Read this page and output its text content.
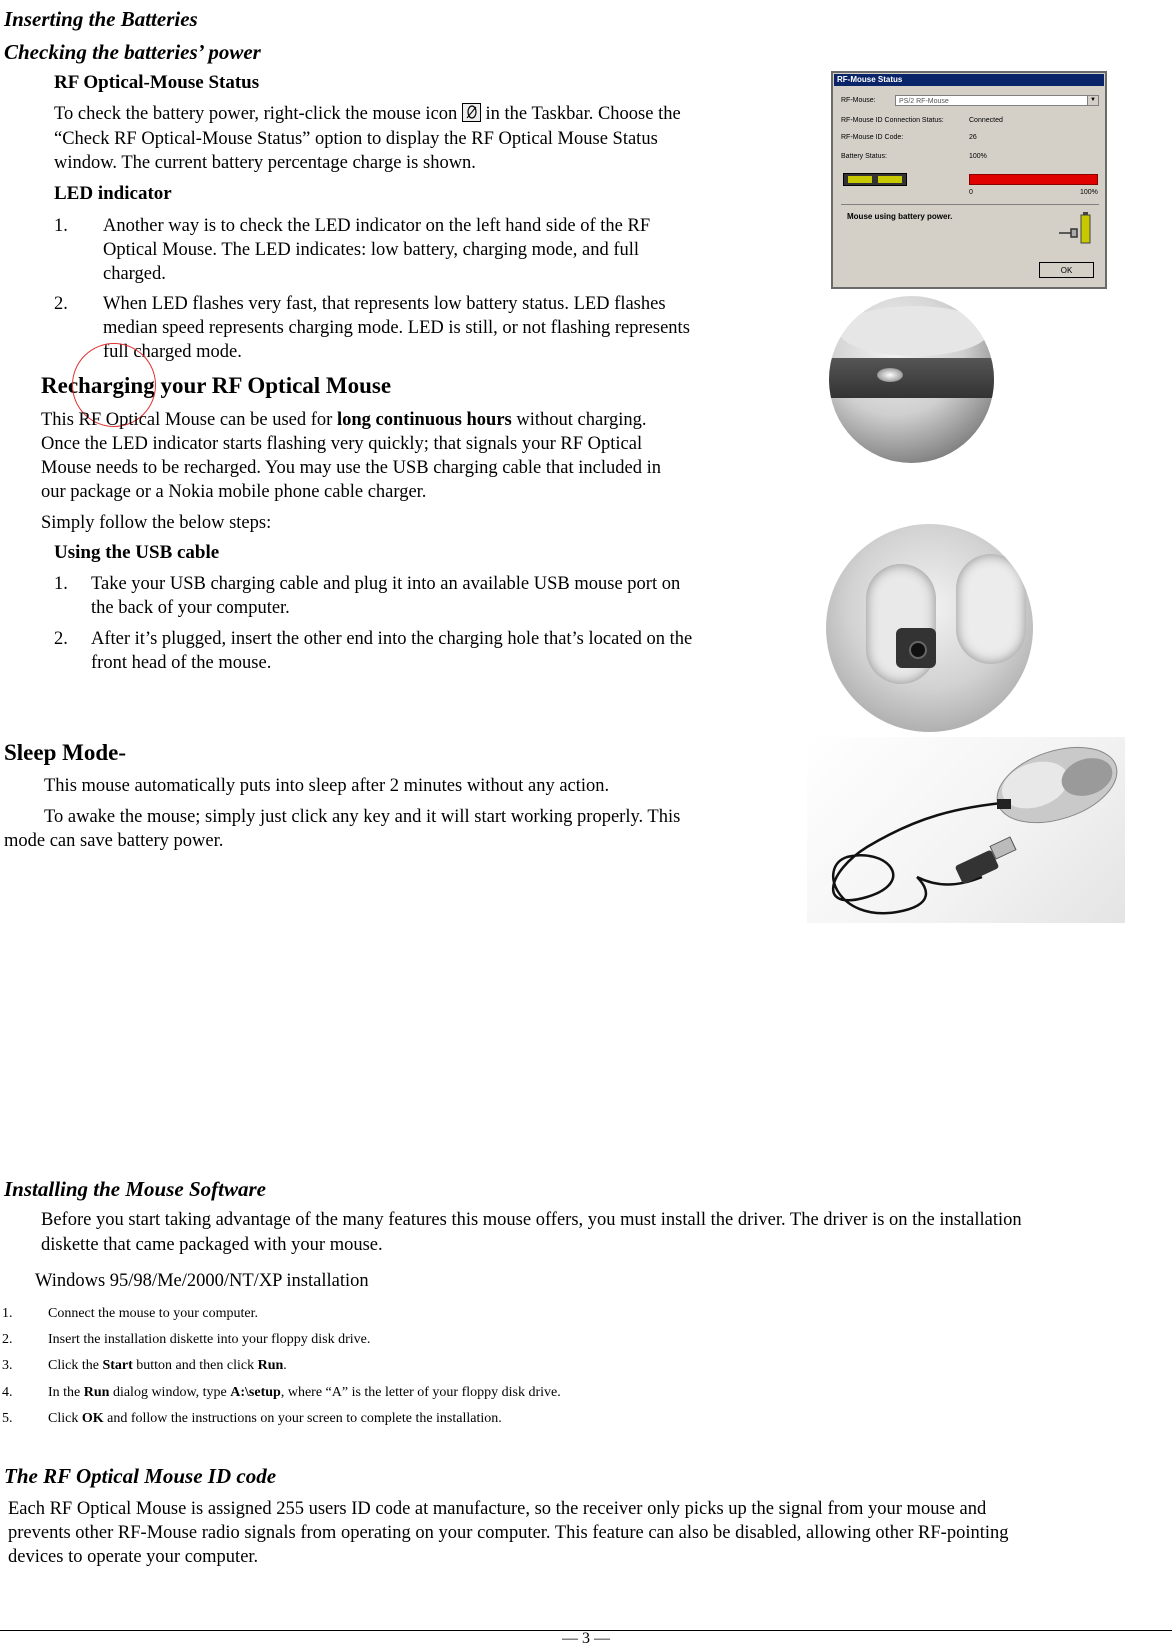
Inserting the Batteries
Checking the batteries’ power
RF Optical-Mouse Status
To check the battery power, right-click the mouse icon in the Taskbar. Choose the
“Check RF Optical-Mouse Status” option to display the RF Optical Mouse Status
window. The current battery percentage charge is shown.
LED indicator
1. Another way is to check the LED indicator on the left hand side of the RF
Optical Mouse. The LED indicates: low battery, charging mode, and full
charged.
2. When LED flashes very fast, that represents low battery status. LED flashes
median speed represents charging mode. LED is still, or not flashing represents
full charged mode.
RF-Mouse Status
RF-Mouse:	PS/2 RF-Mouse	▼
RF-Mouse ID Connection Status:	Connected
RF-Mouse ID Code:	26
Battery Status:	100%
0	100%
Mouse using battery power.
OK
Recharging your RF Optical Mouse
This RF Optical Mouse can be used for long continuous hours without charging.
Once the LED indicator starts flashing very quickly; that signals your RF Optical
Mouse needs to be recharged. You may use the USB charging cable that included in
our package or a Nokia mobile phone cable charger.
Simply follow the below steps:
Using the USB cable
1. Take your USB charging cable and plug it into an available USB mouse port on
the back of your computer.
2. After it’s plugged, insert the other end into the charging hole that’s located on the
front head of the mouse.
Sleep Mode-
This mouse automatically puts into sleep after 2 minutes without any action.
To awake the mouse; simply just click any key and it will start working properly. This
mode can save battery power.
Installing the Mouse Software
Before you start taking advantage of the many features this mouse offers, you must install the driver. The driver is on the installation
diskette that came packaged with your mouse.
Windows 95/98/Me/2000/NT/XP installation
1.	Connect the mouse to your computer.
2.	Insert the installation diskette into your floppy disk drive.
3.	Click the Start button and then click Run.
4.	In the Run dialog window, type A:\setup, where “A” is the letter of your floppy disk drive.
5.	Click OK and follow the instructions on your screen to complete the installation.
The RF Optical Mouse ID code
Each RF Optical Mouse is assigned 255 users ID code at manufacture, so the receiver only picks up the signal from your mouse and
prevents other RF-Mouse radio signals from operating on your computer. This feature can also be disabled, allowing other RF-pointing
devices to operate your computer.
— 3 —
